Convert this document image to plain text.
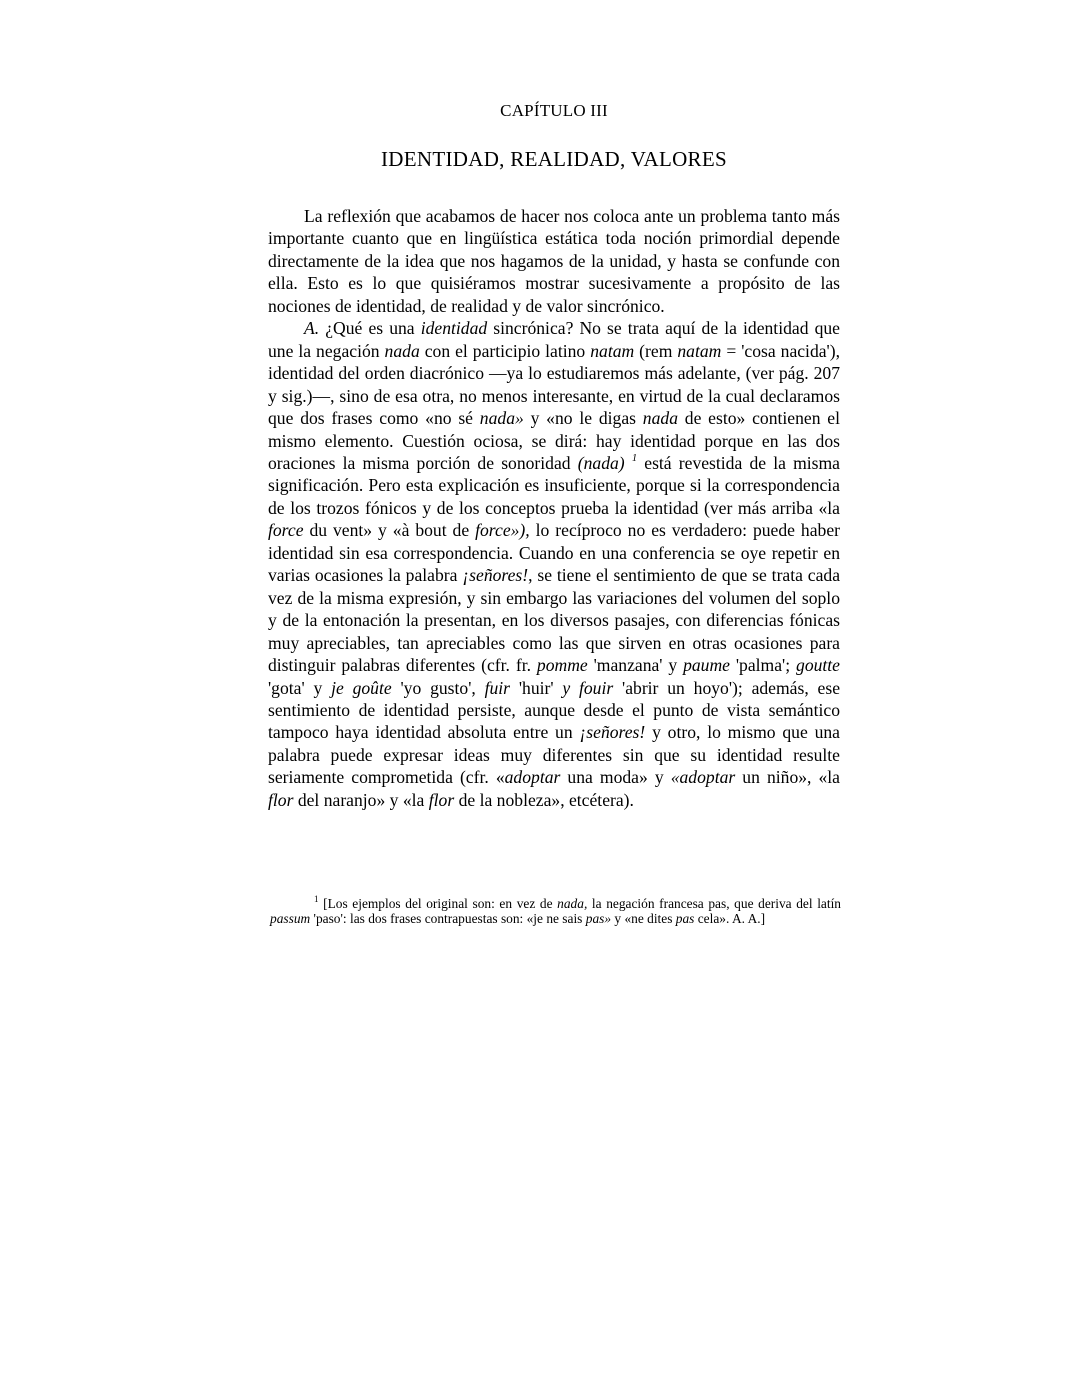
CAPÍTULO III
IDENTIDAD, REALIDAD, VALORES

La reflexión que acabamos de hacer nos coloca ante un problema tanto más importante cuanto que en lingüística estática toda noción primordial depende directamente de la idea que nos hagamos de la unidad, y hasta se confunde con ella. Esto es lo que quisiéramos mostrar sucesivamente a propósito de las nociones de identidad, de realidad y de valor sincrónico.

A. ¿Qué es una identidad sincrónica? No se trata aquí de la identidad que une la negación nada con el participio latino natam (rem natam = 'cosa nacida'), identidad del orden diacrónico —ya lo estudiaremos más adelante, (ver pág. 207 y sig.)—, sino de esa otra, no menos interesante, en virtud de la cual declaramos que dos frases como «no sé nada» y «no le digas nada de esto» contienen el mismo elemento. Cuestión ociosa, se dirá: hay identidad porque en las dos oraciones la misma porción de sonoridad (nada) $^1$ está revestida de la misma significación. Pero esta explicación es insuficiente, porque si la correspondencia de los trozos fónicos y de los conceptos prueba la identidad (ver más arriba «la force du vent» y «à bout de force»), lo recíproco no es verdadero: puede haber identidad sin esa correspondencia. Cuando en una conferencia se oye repetir en varias ocasiones la palabra ¡señores!, se tiene el sentimiento de que se trata cada vez de la misma expresión, y sin embargo las variaciones del volumen del soplo y de la entonación la presentan, en los diversos pasajes, con diferencias fónicas muy apreciables, tan apreciables como las que sirven en otras ocasiones para distinguir palabras diferentes (cfr. fr. pomme 'manzana' y paume 'palma'; goutte 'gota' y je goûte 'yo gusto', fuir 'huir' y fouir 'abrir un hoyo'); además, ese sentimiento de identidad persiste, aunque desde el punto de vista semántico tampoco haya identidad absoluta entre un ¡señores! y otro, lo mismo que una palabra puede expresar ideas muy diferentes sin que su identidad resulte seriamente comprometida (cfr. «adoptar una moda» y «adoptar un niño», «la flor del naranjo» y «la flor de la nobleza», etcétera).

$^1$ [Los ejemplos del original son: en vez de nada, la negación francesa pas, que deriva del latín passum 'paso': las dos frases contrapuestas son: «je ne sais pas» y «ne dites pas cela». A. A.]
